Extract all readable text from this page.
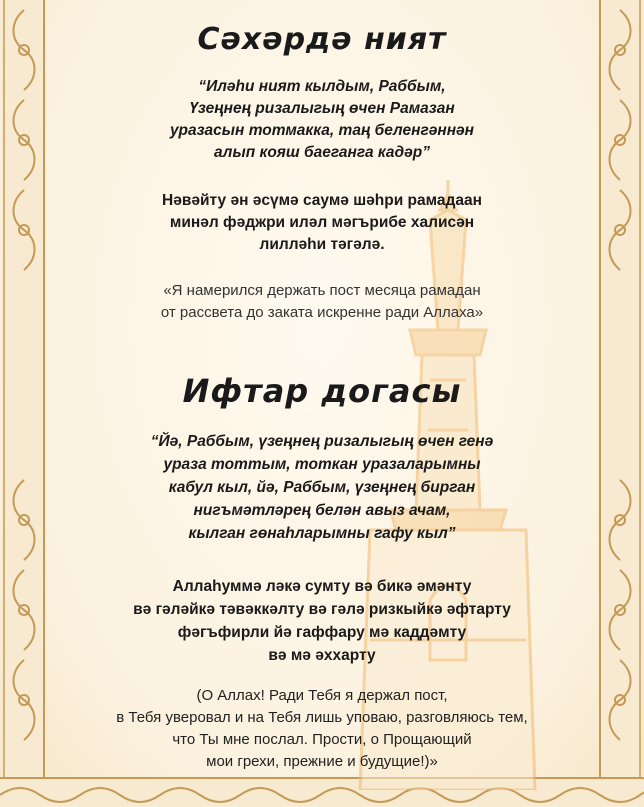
Сәхәрдә ният
“Иләһи ният кылдым, Раббым,
Үзеңнең ризалыгың өчен Рамазан
уразасын тотмакка, таң беленгәннән
алып кояш баеганга кадәр”
Нәвәйту ән әсүмә саумә шәһри рамадаан
минәл фәджри иләл мәгърибе халисән
лилләһи тәгәлә.
«Я намерился держать пост месяца рамадан
от рассвета до заката искренне ради Аллаха»
Ифтар догасы
“Йә, Раббым, үзеңнең ризалыгың өчен генә
ураза тоттым, тоткан уразаларымны
кабул кыл, йә, Раббым, үзеңнең бирган
нигъмәтләрең белән авыз ачам,
кылган гөнаһларымны гафу кыл”
Аллаһуммә ләкә сумту вә бикә әмәнту
вә гәләйкә тәвәккәлту вә гәлә ризкыйкә әфтарту
фәгъфирли йә гаффару мә каддәмту
вә мә әххарту
(О Аллах! Ради Тебя я держал пост,
в Тебя уверовал и на Тебя лишь уповаю, разговляюсь тем,
что Ты мне послал. Прости, о Прощающий
мои грехи, прежние и будущие!)»
